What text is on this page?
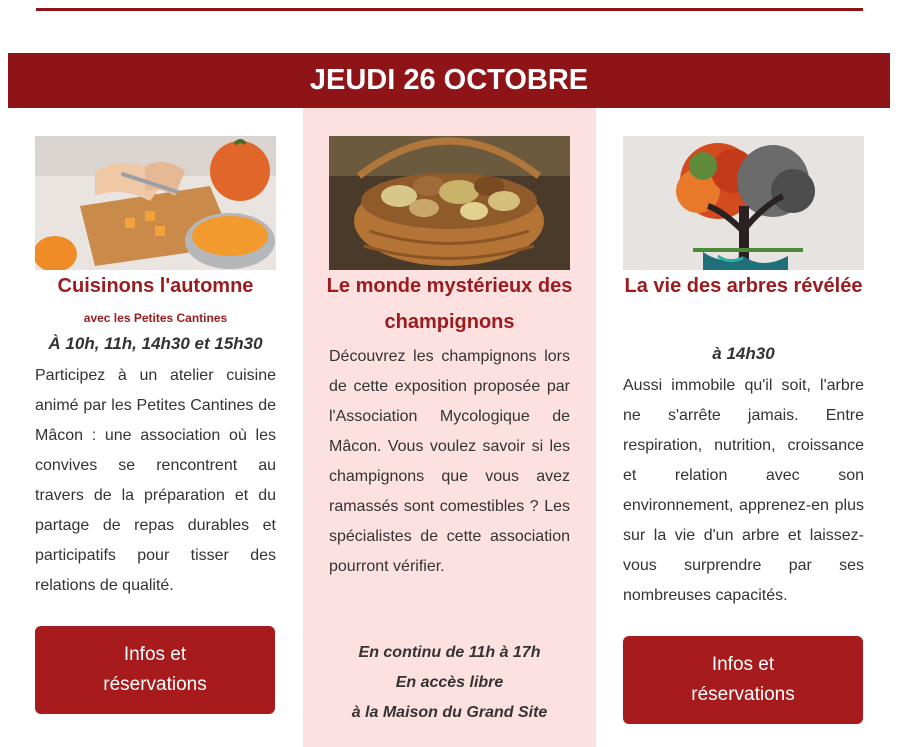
JEUDI 26 OCTOBRE
Cuisinons l'automne
avec les Petites Cantines
À 10h, 11h, 14h30 et 15h30
Participez à un atelier cuisine animé par les Petites Cantines de Mâcon : une association où les convives se rencontrent au travers de la préparation et du partage de repas durables et participatifs pour tisser des relations de qualité.
Infos et réservations
Le monde mystérieux des champignons
Découvrez les champignons lors de cette exposition proposée par l'Association Mycologique de Mâcon. Vous voulez savoir si les champignons que vous avez ramassés sont comestibles ? Les spécialistes de cette association pourront vérifier.
En continu de 11h à 17h
En accès libre
à la Maison du Grand Site
La vie des arbres révélée
à 14h30
Aussi immobile qu'il soit, l'arbre ne s'arrête jamais. Entre respiration, nutrition, croissance et relation avec son environnement, apprenez-en plus sur la vie d'un arbre et laissez-vous surprendre par ses nombreuses capacités.
Infos et réservations
